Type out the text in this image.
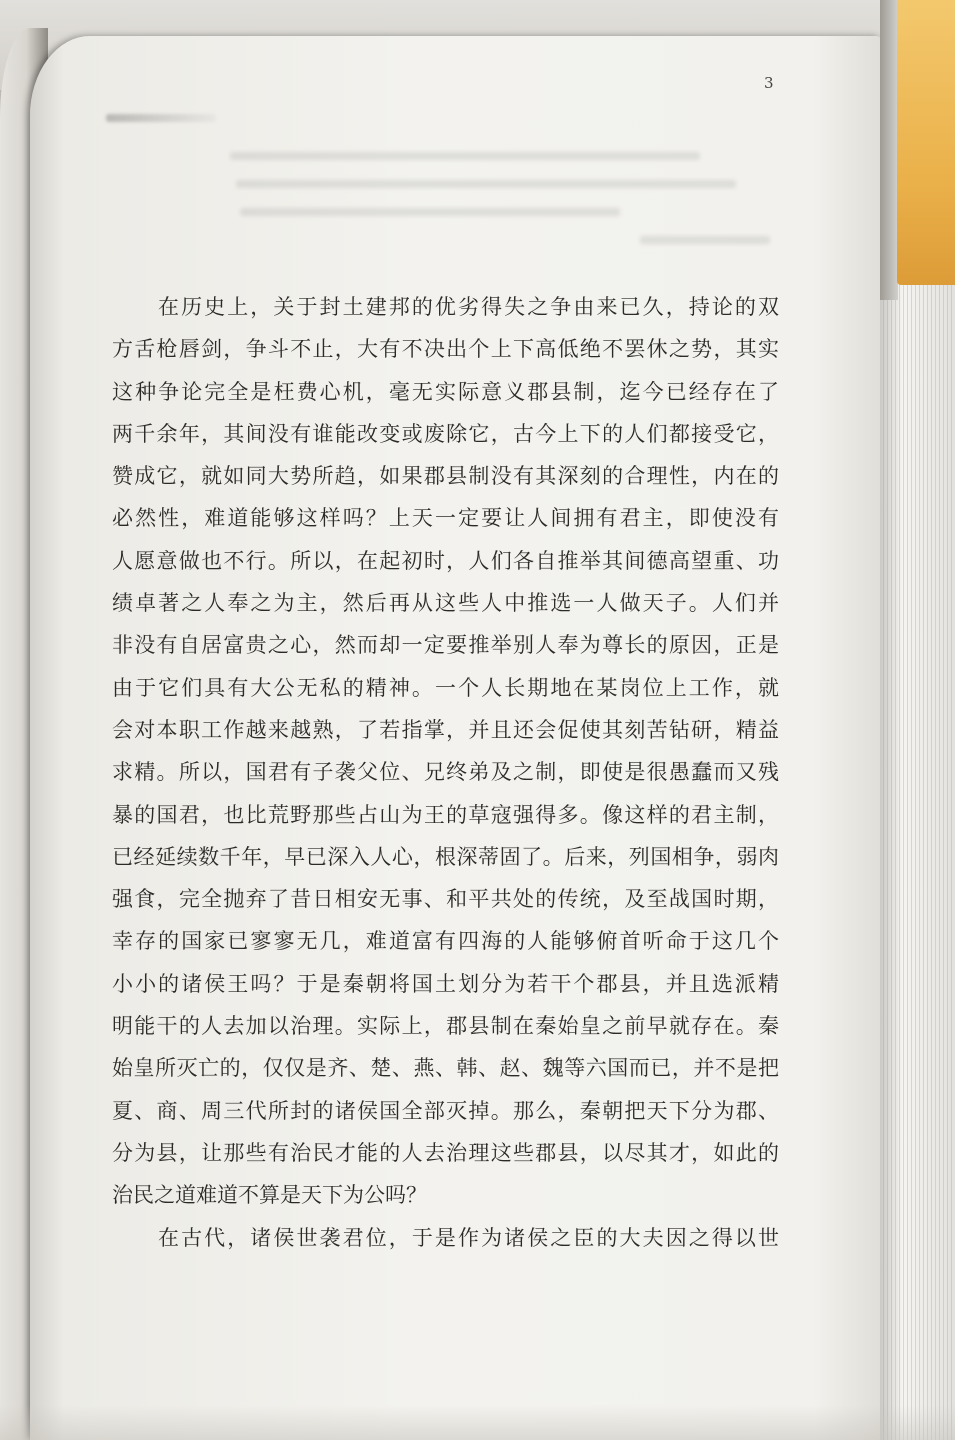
3
在历史上，关于封土建邦的优劣得失之争由来已久，持论的双
方舌枪唇剑，争斗不止，大有不决出个上下高低绝不罢休之势，其实
这种争论完全是枉费心机，毫无实际意义郡县制，迄今已经存在了
两千余年，其间没有谁能改变或废除它，古今上下的人们都接受它，
赞成它，就如同大势所趋，如果郡县制没有其深刻的合理性，内在的
必然性，难道能够这样吗？上天一定要让人间拥有君主，即使没有
人愿意做也不行。所以，在起初时，人们各自推举其间德高望重、功
绩卓著之人奉之为主，然后再从这些人中推选一人做天子。人们并
非没有自居富贵之心，然而却一定要推举别人奉为尊长的原因，正是
由于它们具有大公无私的精神。一个人长期地在某岗位上工作，就
会对本职工作越来越熟，了若指掌，并且还会促使其刻苦钻研，精益
求精。所以，国君有子袭父位、兄终弟及之制，即使是很愚蠢而又残
暴的国君，也比荒野那些占山为王的草寇强得多。像这样的君主制，
已经延续数千年，早已深入人心，根深蒂固了。后来，列国相争，弱肉
强食，完全抛弃了昔日相安无事、和平共处的传统，及至战国时期，
幸存的国家已寥寥无几，难道富有四海的人能够俯首听命于这几个
小小的诸侯王吗？于是秦朝将国土划分为若干个郡县，并且选派精
明能干的人去加以治理。实际上，郡县制在秦始皇之前早就存在。秦
始皇所灭亡的，仅仅是齐、楚、燕、韩、赵、魏等六国而已，并不是把
夏、商、周三代所封的诸侯国全部灭掉。那么，秦朝把天下分为郡、
分为县，让那些有治民才能的人去治理这些郡县，以尽其才，如此的
治民之道难道不算是天下为公吗？
在古代，诸侯世袭君位，于是作为诸侯之臣的大夫因之得以世
